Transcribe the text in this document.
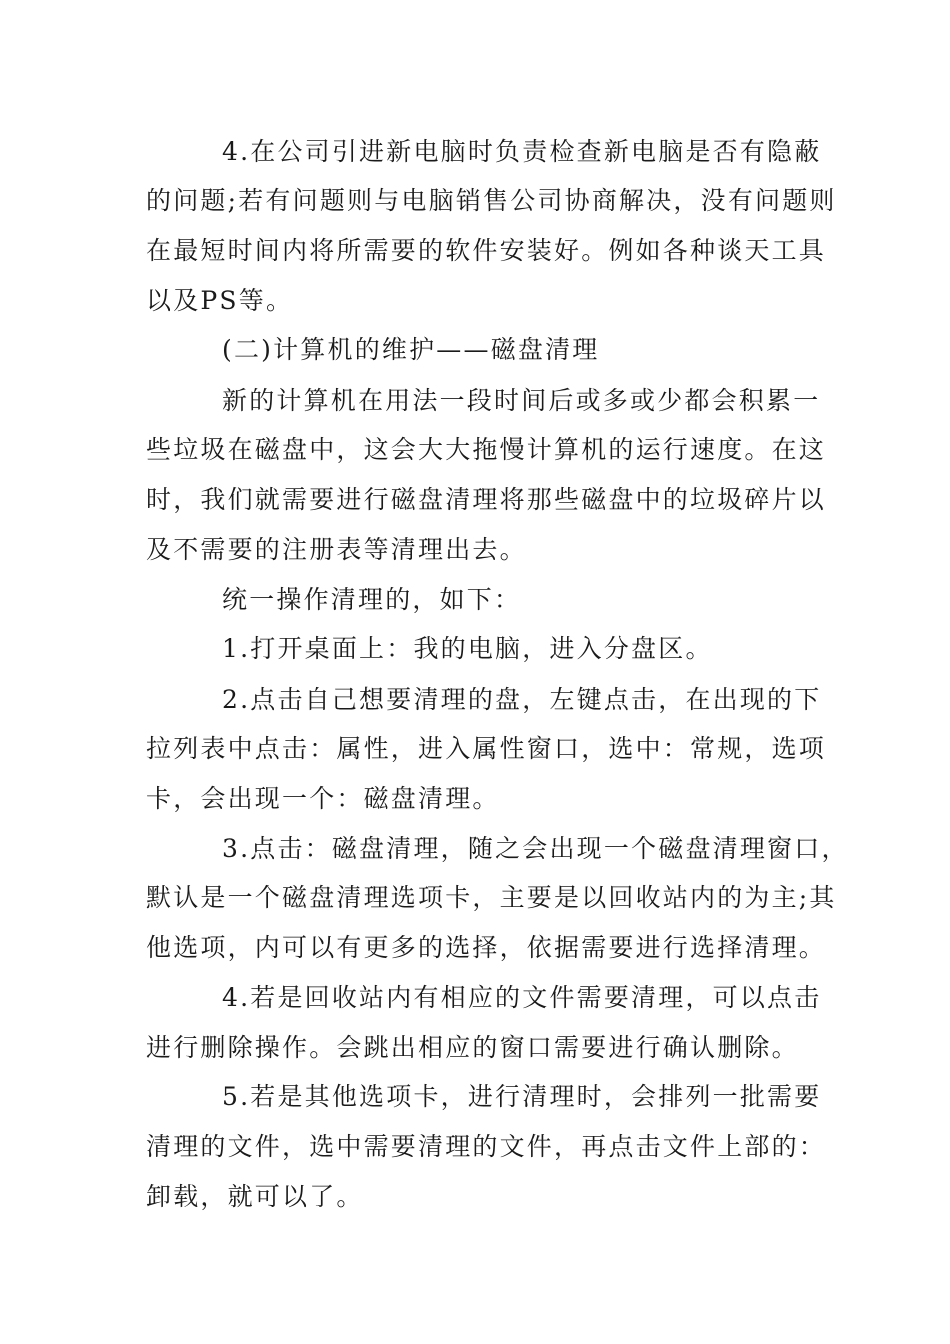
4.在公司引进新电脑时负责检查新电脑是否有隐蔽
的问题;若有问题则与电脑销售公司协商解决，没有问题则
在最短时间内将所需要的软件安装好。例如各种谈天工具
以及PS等。
(二)计算机的维护——磁盘清理
新的计算机在用法一段时间后或多或少都会积累一
些垃圾在磁盘中，这会大大拖慢计算机的运行速度。在这
时，我们就需要进行磁盘清理将那些磁盘中的垃圾碎片以
及不需要的注册表等清理出去。
统一操作清理的，如下：
1.打开桌面上：我的电脑，进入分盘区。
2.点击自己想要清理的盘，左键点击，在出现的下
拉列表中点击：属性，进入属性窗口，选中：常规，选项
卡，会出现一个：磁盘清理。
3.点击：磁盘清理，随之会出现一个磁盘清理窗口，
默认是一个磁盘清理选项卡，主要是以回收站内的为主;其
他选项，内可以有更多的选择，依据需要进行选择清理。
4.若是回收站内有相应的文件需要清理，可以点击
进行删除操作。会跳出相应的窗口需要进行确认删除。
5.若是其他选项卡，进行清理时，会排列一批需要
清理的文件，选中需要清理的文件，再点击文件上部的：
卸载，就可以了。
